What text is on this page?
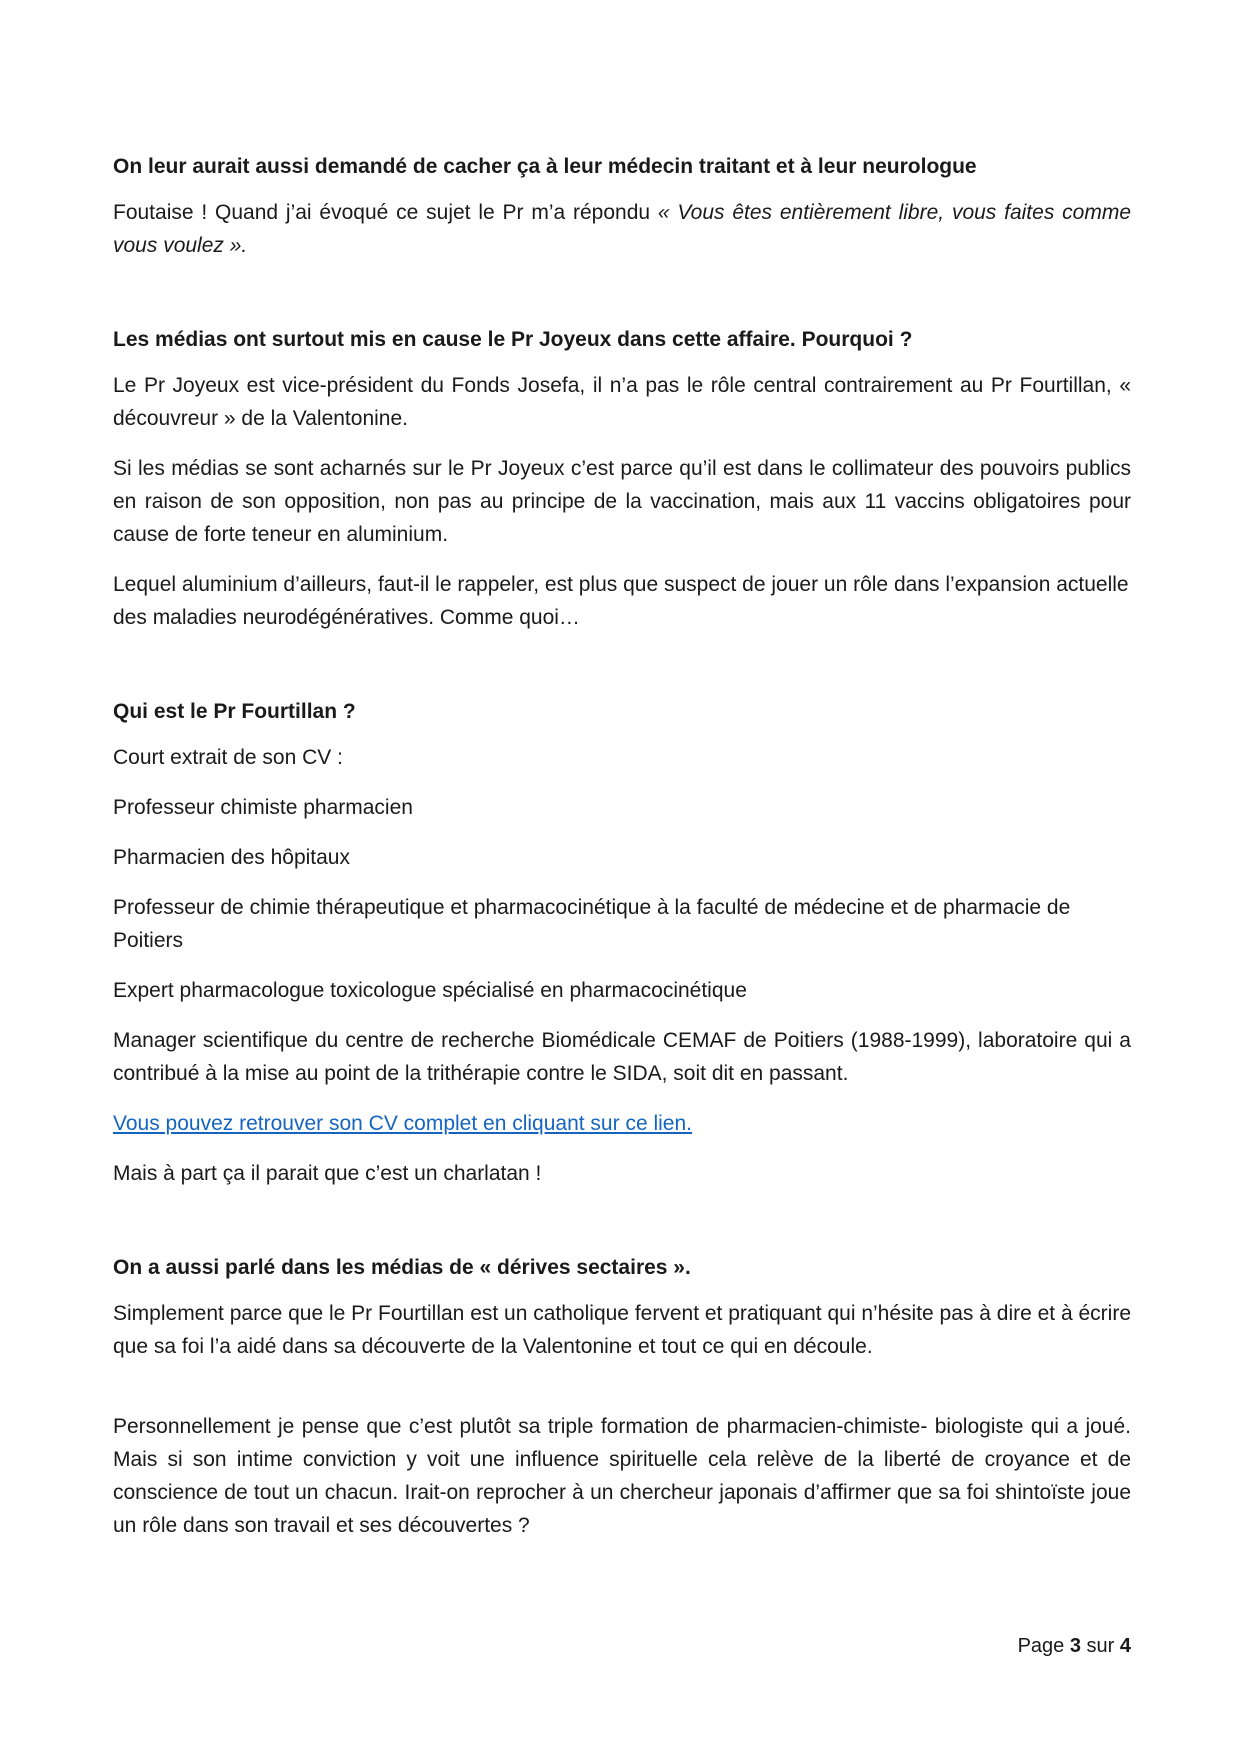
On leur aurait aussi demandé de cacher ça à leur médecin traitant et à leur neurologue
Foutaise ! Quand j’ai évoqué ce sujet le Pr m’a répondu « Vous êtes entièrement libre, vous faites comme vous voulez ».
Les médias ont surtout mis en cause le Pr Joyeux dans cette affaire. Pourquoi ?
Le Pr Joyeux est vice-président du Fonds Josefa, il n’a pas le rôle central contrairement au Pr Fourtillan, « découvreur » de la Valentonine.
Si les médias se sont acharnés sur le Pr Joyeux c’est parce qu’il est dans le collimateur des pouvoirs publics en raison de son opposition, non pas au principe de la vaccination, mais aux 11 vaccins obligatoires pour cause de forte teneur en aluminium.
Lequel aluminium d’ailleurs, faut-il le rappeler, est plus que suspect de jouer un rôle dans l’expansion actuelle des maladies neurodégénératives. Comme quoi…
Qui est le Pr Fourtillan ?
Court extrait de son CV :
Professeur chimiste pharmacien
Pharmacien des hôpitaux
Professeur de chimie thérapeutique et pharmacocinétique à la faculté de médecine et de pharmacie de Poitiers
Expert pharmacologue toxicologue spécialisé en pharmacocinétique
Manager scientifique du centre de recherche Biomédicale CEMAF de Poitiers (1988-1999), laboratoire qui a contribué à la mise au point de la trithérapie contre le SIDA, soit dit en passant.
Vous pouvez retrouver son CV complet en cliquant sur ce lien.
Mais à part ça il parait que c’est un charlatan !
On a aussi parlé dans les médias de « dérives sectaires ».
Simplement parce que le Pr Fourtillan est un catholique fervent et pratiquant qui n’hésite pas à dire et à écrire que sa foi l’a aidé dans sa découverte de la Valentonine et tout ce qui en découle.
Personnellement je pense que c’est plutôt sa triple formation de pharmacien-chimiste- biologiste qui a joué. Mais si son intime conviction y voit une influence spirituelle cela relève de la liberté de croyance et de conscience de tout un chacun. Irait-on reprocher à un chercheur japonais d’affirmer que sa foi shintoïste joue un rôle dans son travail et ses découvertes ?
Page 3 sur 4
